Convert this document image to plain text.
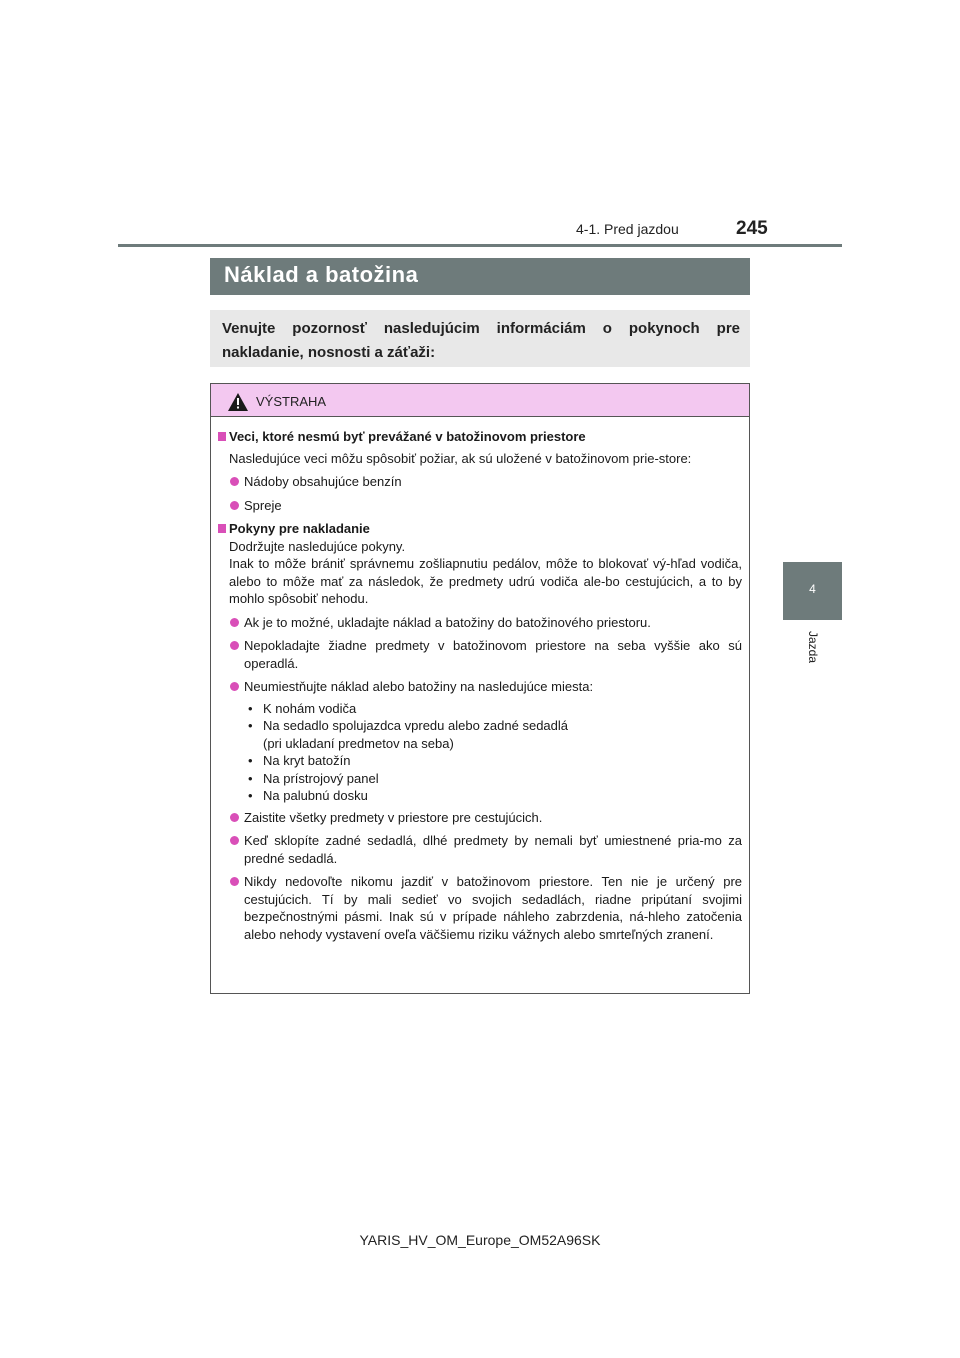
245
4-1. Pred jazdou
4
Jazda
Náklad a batožina

Venujte pozornosť nasledujúcim informáciám o pokynoch pre nakladanie, nosnosti a záťaži:

VÝSTRAHA

Veci, ktoré nesmú byť prevážané v batožinovom priestore

Nasledujúce veci môžu spôsobiť požiar, ak sú uložené v batožinovom prie-store:

Nádoby obsahujúce benzín

Spreje

Pokyny pre nakladanie

Dodržujte nasledujúce pokyny.
Inak to môže brániť správnemu zošliapnutiu pedálov, môže to blokovať vý-hľad vodiča, alebo to môže mať za následok, že predmety udrú vodiča ale-bo cestujúcich, a to by mohlo spôsobiť nehodu.

Ak je to možné, ukladajte náklad a batožiny do batožinového priestoru.

Nepokladajte žiadne predmety v batožinovom priestore na seba vyššie ako sú operadlá.

Neumiestňujte náklad alebo batožiny na nasledujúce miesta:

• K nohám vodiča

• Na sedadlo spolujazdca vpredu alebo zadné sedadlá
(pri ukladaní predmetov na seba)

• Na kryt batožín

• Na prístrojový panel

• Na palubnú dosku

Zaistite všetky predmety v priestore pre cestujúcich.

Keď sklopíte zadné sedadlá, dlhé predmety by nemali byť umiestnené pria-mo za predné sedadlá.

Nikdy nedovoľte nikomu jazdiť v batožinovom priestore. Ten nie je určený pre cestujúcich. Tí by mali sedieť vo svojich sedadlách, riadne pripútaní svojimi bezpečnostnými pásmi. Inak sú v prípade náhleho zabrzdenia, ná-hleho zatočenia alebo nehody vystavení oveľa väčšiemu riziku vážnych alebo smrteľných zranení.

YARIS_HV_OM_Europe_OM52A96SK
